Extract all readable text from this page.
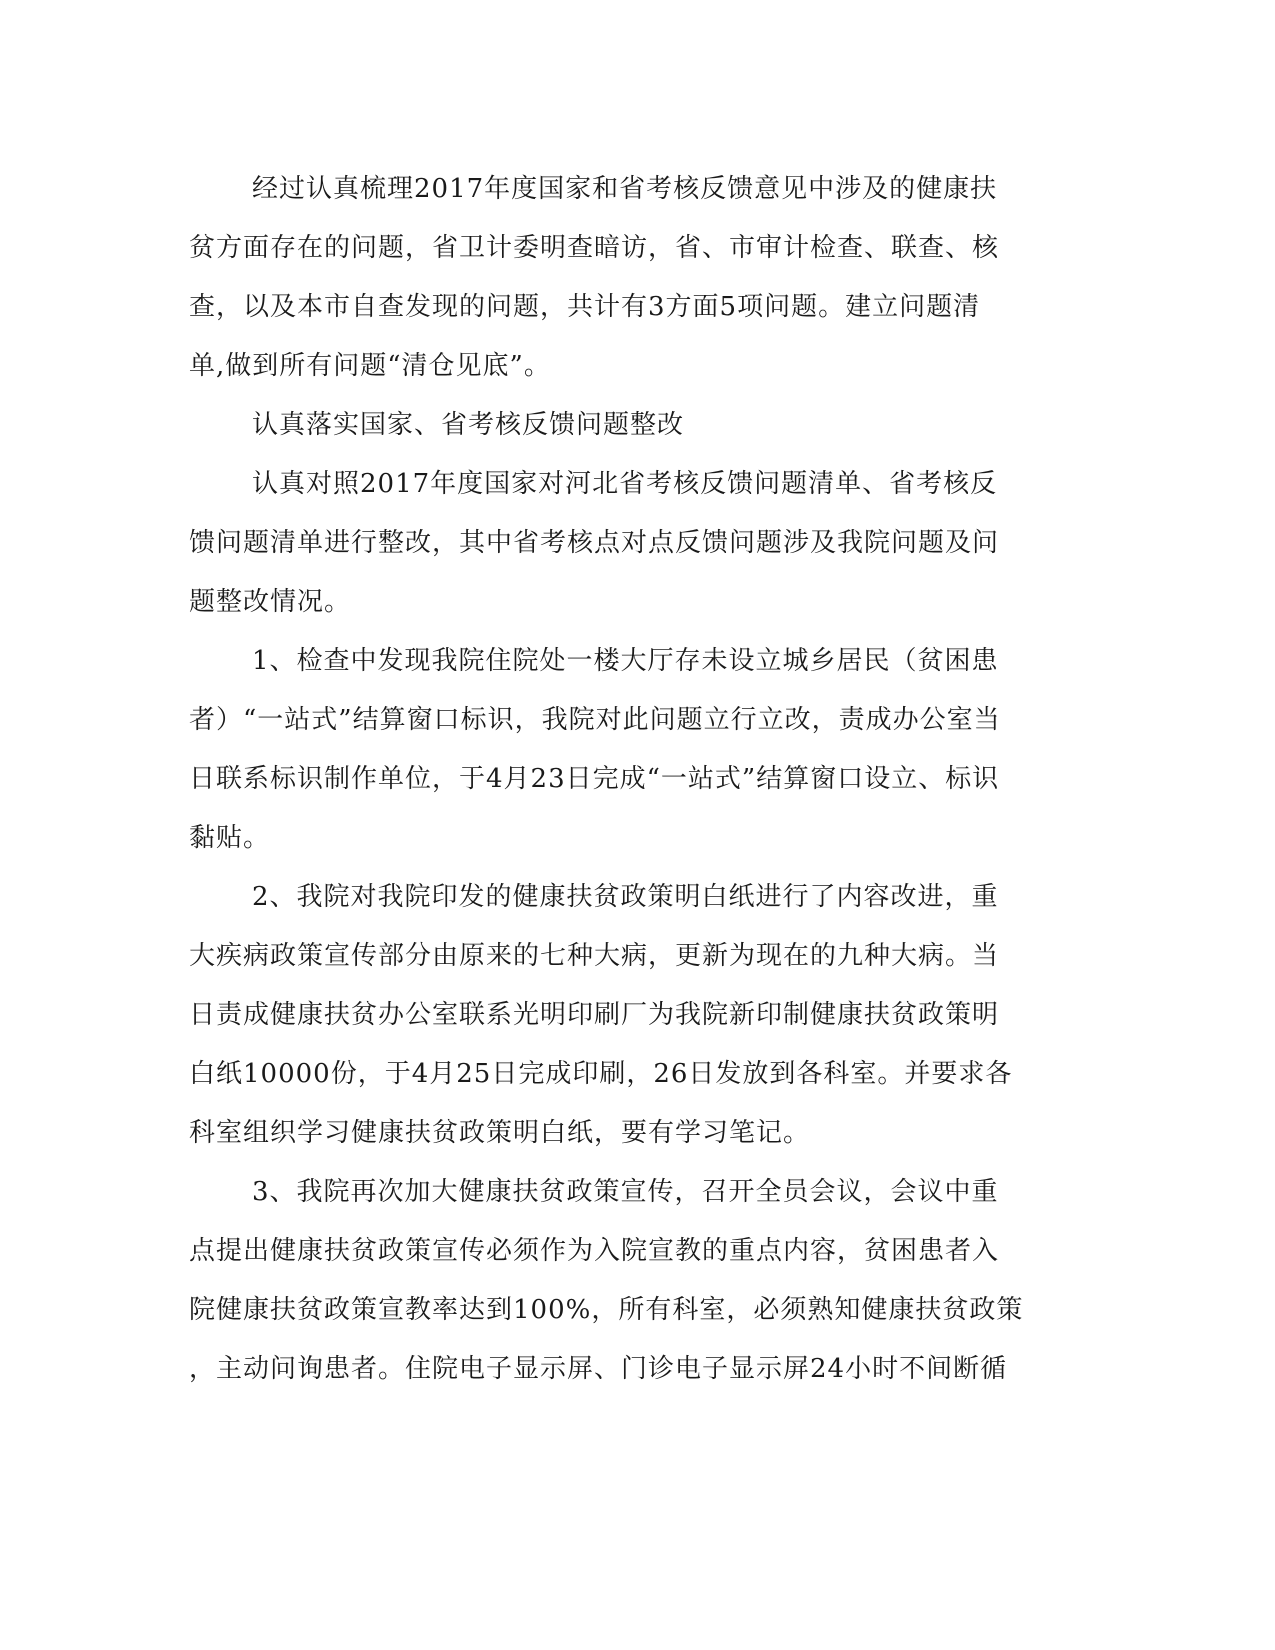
经过认真梳理2017年度国家和省考核反馈意见中涉及的健康扶
贫方面存在的问题，省卫计委明查暗访，省、市审计检查、联查、核
查，以及本市自查发现的问题，共计有3方面5项问题。建立问题清
单,做到所有问题“清仓见底”。
认真落实国家、省考核反馈问题整改
认真对照2017年度国家对河北省考核反馈问题清单、省考核反
馈问题清单进行整改，其中省考核点对点反馈问题涉及我院问题及问
题整改情况。
1、检查中发现我院住院处一楼大厅存未设立城乡居民（贫困患
者）“一站式”结算窗口标识，我院对此问题立行立改，责成办公室当
日联系标识制作单位，于4月23日完成“一站式”结算窗口设立、标识
黏贴。
2、我院对我院印发的健康扶贫政策明白纸进行了内容改进，重
大疾病政策宣传部分由原来的七种大病，更新为现在的九种大病。当
日责成健康扶贫办公室联系光明印刷厂为我院新印制健康扶贫政策明
白纸10000份，于4月25日完成印刷，26日发放到各科室。并要求各
科室组织学习健康扶贫政策明白纸，要有学习笔记。
3、我院再次加大健康扶贫政策宣传，召开全员会议，会议中重
点提出健康扶贫政策宣传必须作为入院宣教的重点内容，贫困患者入
院健康扶贫政策宣教率达到100%，所有科室，必须熟知健康扶贫政策
，主动问询患者。住院电子显示屏、门诊电子显示屏24小时不间断循
